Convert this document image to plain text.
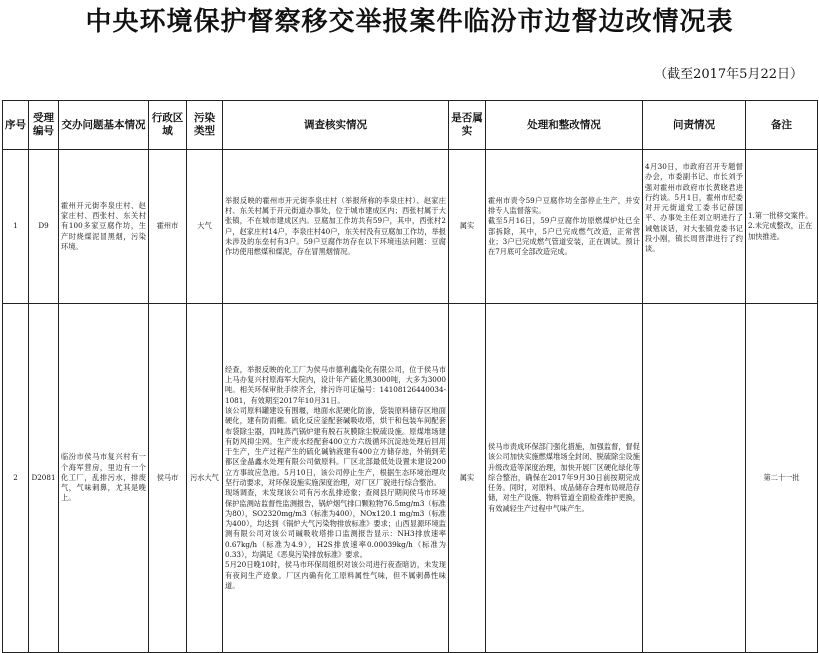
中央环境保护督察移交举报案件临汾市边督边改情况表
（截至2017年5月22日）
序号	受理编号	交办问题基本情况	行政区域	污染类型	调查核实情况	是否属实	处理和整改情况	问责情况	备注
1	D9	霍州开元街李泉庄村、赵家庄村、西张村、东关村有100多家豆腐作坊，生产时烧煤泥冒黑烟，污染环境。	霍州市	大气	举报反映的霍州市开元街李泉庄村（举报所称的李泉庄村）、赵家庄村、东关村属于开元街道办事处，位于城市建成区内；西张村属于大张镇，不在城市建成区内。豆腐加工作坊共有59户，其中，西张村2户，赵家庄村14户，李泉庄村40户，东关村没有豆腐加工作坊，举报未涉及的东垒村有3户。59户豆腐作坊存在以下环境违法问题：豆腐作坊使用燃煤和煤泥，存在冒黑烟情况。	属实	霍州市责令59户豆腐作坊全部停止生产，并安排专人监督落实。
截至5月16日，59户豆腐作坊原燃煤炉灶已全部拆除，其中，5户已完成燃气改造，正常营业；3户已完成燃气管道安装，正在调试。预计在7月底可全部改造完成。	4月30日，市政府召开专题督办会，市委副书记、市长刘予强对霍州市政府市长黄晓君进行约谈。5月1日，霍州市纪委对开元街道党工委书记薛国平、办事处主任刘立明进行了诫勉谈话，对大张镇党委书记段小刚，镇长周晋津进行了约谈。	1.第一批移交案件。
2.未完成整改，正在加快推进。
2	D2081	临汾市侯马市复兴村有一个海军营房，里边有一个化工厂，乱排污水，排废气，气味刺鼻，尤其是晚上。	侯马市	污水大气	经查，举报反映的化工厂为侯马市德利鑫染化有限公司，位于侯马市上马办复兴村原海军大院内，设计年产硫化黑3000吨，大多为3000吨。相关环保审批手续齐全，排污许可证编号：14108126440034-1081，有效期至2017年10月31日。
该公司原料罐建设有围堰，地面水泥硬化防渗，袋装原料储存区地面硬化，建有防雨棚。硫化反应釜配套碱吸收塔，烘干和包装车间配套布袋除尘器，四吨蒸汽锅炉建有脱石灰膜除尘脱硫设施。原煤堆场建有防风抑尘网。生产废水经配套400立方六级循环沉淀池处理后回用于生产，生产过程产生的硫化碱钠液建有400立方储存池，外销到芜都区金晶鑫水处理有限公司做原料。厂区北部最低处设置未建设200立方事故应急池。5月10日，该公司停止生产，根据生态环境治理攻坚行动要求，对环保设施实施深度治理，对厂区厂貌进行综合整治。
现场调查，未发现该公司有污水乱排迹象；查阅县厅期间侯马市环境保护监测站监督性监测报告，锅炉烟气排口颗粒物76.5mg/m3（标准为80），SO2320mg/m3（标准为400），NOx120.1 mg/m3（标准为400），均达到《锅炉大气污染物排放标准》要求；山西显源环境监测有限公司对该公司碱吸收塔排口监测报告显示：NH3排放速率0.67kg/h（标准为4.9），H2S排放速率0.00039kg/h（标准为0.33），均满足《恶臭污染排放标准》要求。
5月20日晚10时，侯马市环保局组织对该公司进行夜查暗访，未发现有夜间生产迹象。厂区内确有化工原料属性气味，但不属刺鼻性味道。	属实	侯马市责成环保部门强化措施，加强监督，督促该公司加快实施燃煤堆场全封闭、脱硫除尘设施升级改造等深度治理，加快开展厂区硬化绿化等综合整治，确保在2017年9月30日前按期完成任务。同时，对原料、成品储存合理布局规范存储，对生产设施、物料管道全面检查维护更换，有效减轻生产过程中气味产生。		第二十一批
